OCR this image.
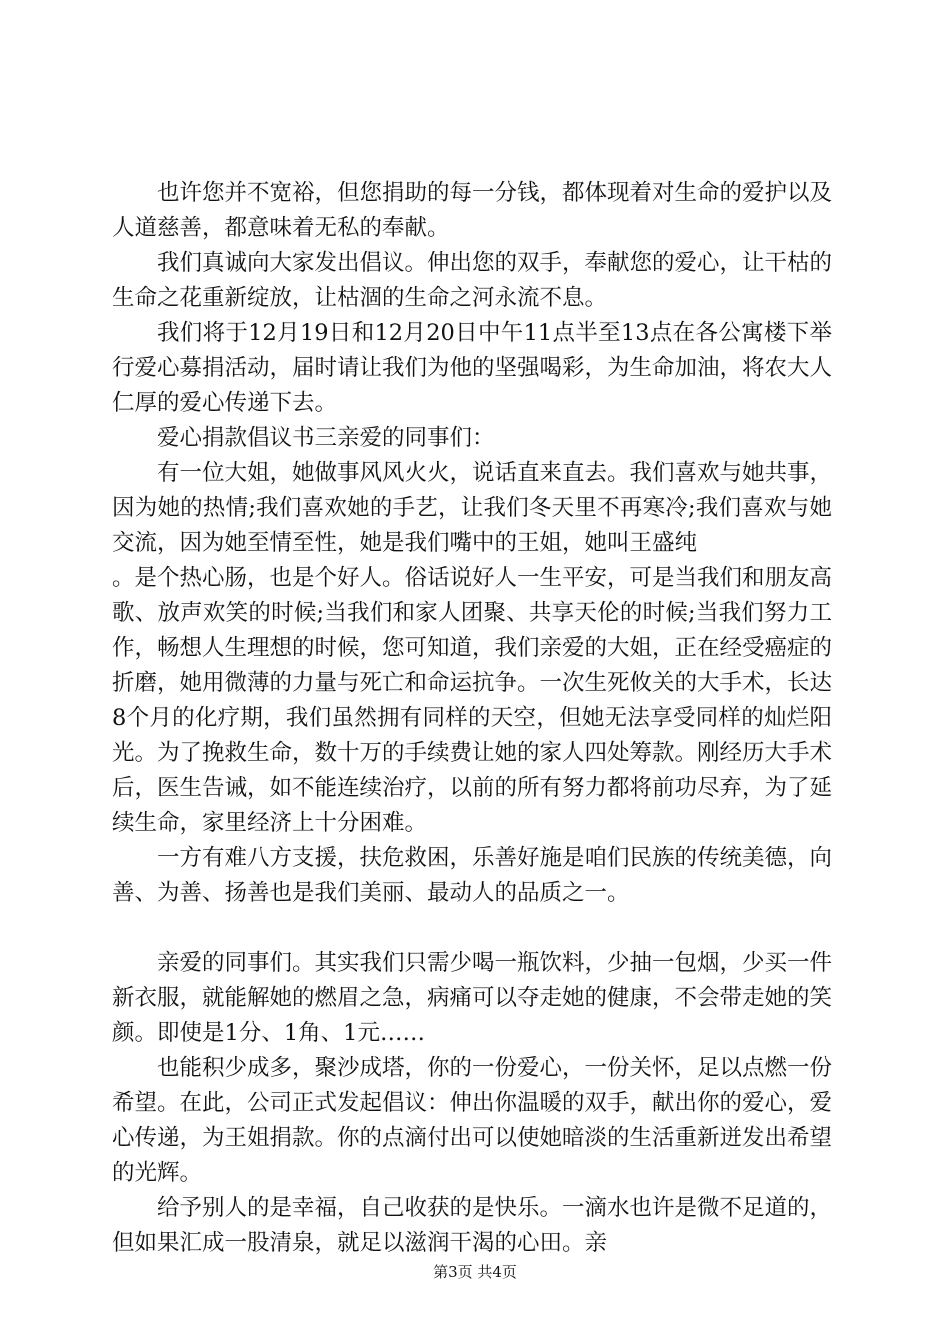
也许您并不宽裕，但您捐助的每一分钱，都体现着对生命的爱护以及人道慈善，都意味着无私的奉献。

我们真诚向大家发出倡议。伸出您的双手，奉献您的爱心，让干枯的生命之花重新绽放，让枯涸的生命之河永流不息。

我们将于12月19日和12月20日中午11点半至13点在各公寓楼下举行爱心募捐活动，届时请让我们为他的坚强喝彩，为生命加油，将农大人仁厚的爱心传递下去。

爱心捐款倡议书三亲爱的同事们：

有一位大姐，她做事风风火火，说话直来直去。我们喜欢与她共事，因为她的热情;我们喜欢她的手艺，让我们冬天里不再寒冷;我们喜欢与她交流，因为她至情至性，她是我们嘴中的王姐，她叫王盛纯

。是个热心肠，也是个好人。俗话说好人一生平安，可是当我们和朋友高歌、放声欢笑的时候;当我们和家人团聚、共享天伦的时候;当我们努力工作，畅想人生理想的时候，您可知道，我们亲爱的大姐，正在经受癌症的折磨，她用微薄的力量与死亡和命运抗争。一次生死攸关的大手术，长达8个月的化疗期，我们虽然拥有同样的天空，但她无法享受同样的灿烂阳光。为了挽救生命，数十万的手续费让她的家人四处筹款。刚经历大手术后，医生告诫，如不能连续治疗，以前的所有努力都将前功尽弃，为了延续生命，家里经济上十分困难。

一方有难八方支援，扶危救困，乐善好施是咱们民族的传统美德，向善、为善、扬善也是我们美丽、最动人的品质之一。

亲爱的同事们。其实我们只需少喝一瓶饮料，少抽一包烟，少买一件新衣服，就能解她的燃眉之急，病痛可以夺走她的健康，不会带走她的笑颜。即使是1分、1角、1元……

也能积少成多，聚沙成塔，你的一份爱心，一份关怀，足以点燃一份希望。在此，公司正式发起倡议：伸出你温暖的双手，献出你的爱心，爱心传递，为王姐捐款。你的点滴付出可以使她暗淡的生活重新迸发出希望的光辉。

给予别人的是幸福，自己收获的是快乐。一滴水也许是微不足道的，但如果汇成一股清泉，就足以滋润干渴的心田。亲

第3页 共4页
